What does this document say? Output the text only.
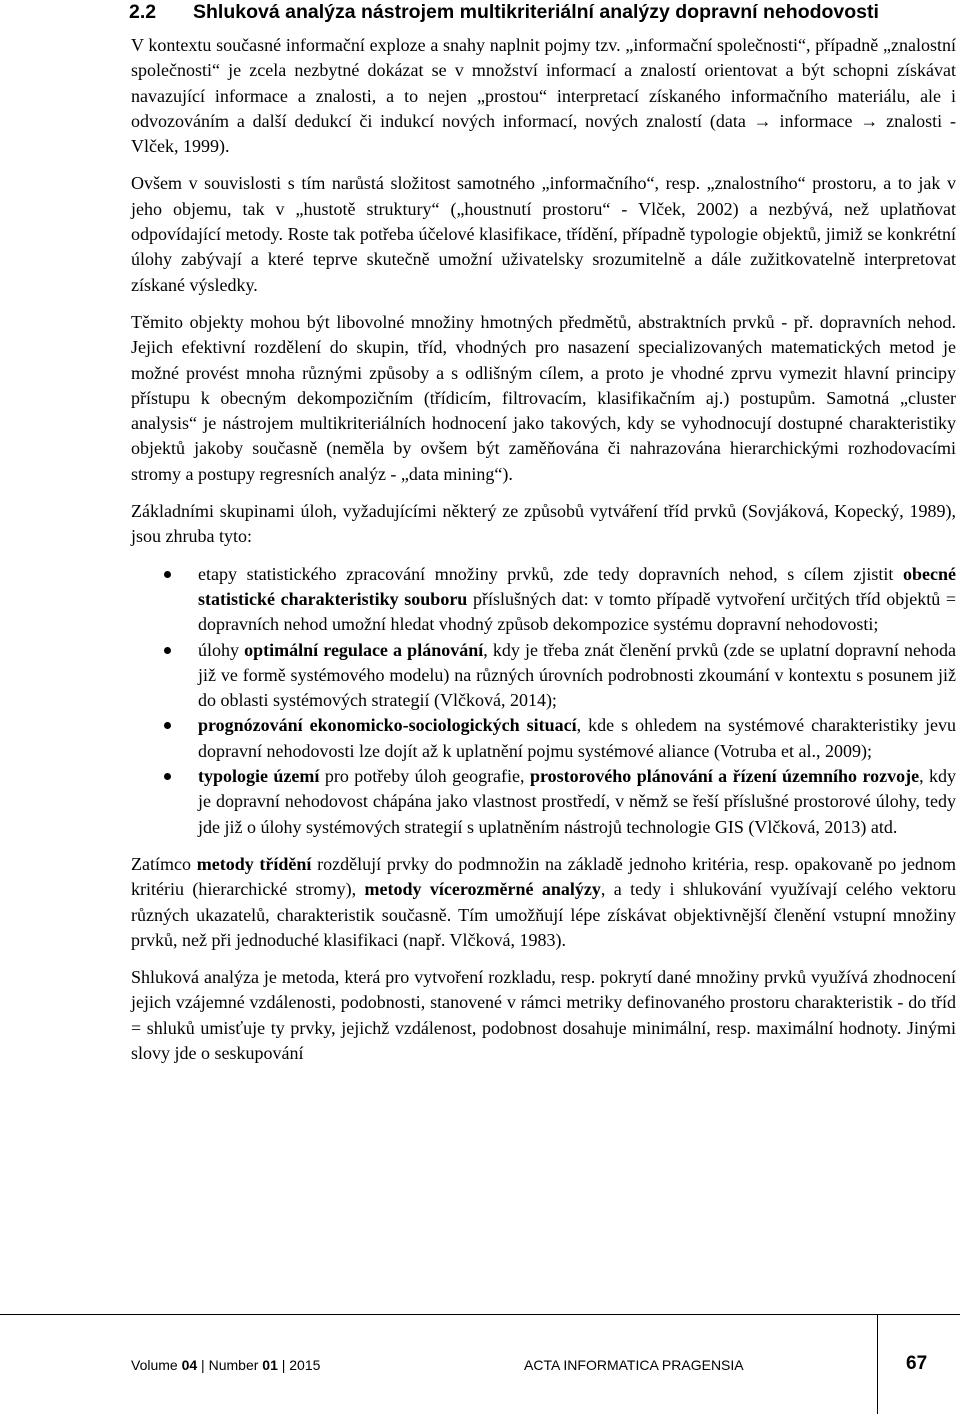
2.2 Shluková analýza nástrojem multikriteriální analýzy dopravní nehodovosti

V kontextu současné informační exploze a snahy naplnit pojmy tzv. „informační společnosti“, případně „znalostní společnosti“ je zcela nezbytné dokázat se v množství informací a znalostí orientovat a být schopni získávat navazující informace a znalosti, a to nejen „prostou“ interpretací získaného informačního materiálu, ale i odvozováním a další dedukcí či indukcí nových informací, nových znalostí (data → informace → znalosti - Vlček, 1999).

Ovšem v souvislosti s tím narůstá složitost samotného „informačního“, resp. „znalostního“ prostoru, a to jak v jeho objemu, tak v „hustotě struktury“ („houstnutí prostoru“ - Vlček, 2002) a nezbývá, než uplatňovat odpovídající metody. Roste tak potřeba účelové klasifikace, třídění, případně typologie objektů, jimiž se konkrétní úlohy zabývají a které teprve skutečně umožní uživatelsky srozumitelně a dále zužitkovatelně interpretovat získané výsledky.

Těmito objekty mohou být libovolné množiny hmotných předmětů, abstraktních prvků - př. dopravních nehod. Jejich efektivní rozdělení do skupin, tříd, vhodných pro nasazení specializovaných matematických metod je možné provést mnoha různými způsoby a s odlišným cílem, a proto je vhodné zprvu vymezit hlavní principy přístupu k obecným dekompozičním (třídicím, filtrovacím, klasifikačním aj.) postupům. Samotná „cluster analysis“ je nástrojem multikriteriálních hodnocení jako takových, kdy se vyhodnocují dostupné charakteristiky objektů jakoby současně (neměla by ovšem být zaměňována či nahrazována hierarchickými rozhodovacími stromy a postupy regresních analýz - „data mining“).

Základními skupinami úloh, vyžadujícími některý ze způsobů vytváření tříd prvků (Sovjáková, Kopecký, 1989), jsou zhruba tyto:

etapy statistického zpracování množiny prvků, zde tedy dopravních nehod, s cílem zjistit obecné statistické charakteristiky souboru příslušných dat: v tomto případě vytvoření určitých tříd objektů = dopravních nehod umožní hledat vhodný způsob dekompozice systému dopravní nehodovosti;
úlohy optimální regulace a plánování, kdy je třeba znát členění prvků (zde se uplatní dopravní nehoda již ve formě systémového modelu) na různých úrovních podrobnosti zkoumání v kontextu s posunem již do oblasti systémových strategií (Vlčková, 2014);
prognózování ekonomicko-sociologických situací, kde s ohledem na systémové charakteristiky jevu dopravní nehodovosti lze dojít až k uplatnění pojmu systémové aliance (Votruba et al., 2009);
typologie území pro potřeby úloh geografie, prostorového plánování a řízení územního rozvoje, kdy je dopravní nehodovost chápána jako vlastnost prostředí, v němž se řeší příslušné prostorové úlohy, tedy jde již o úlohy systémových strategií s uplatněním nástrojů technologie GIS (Vlčková, 2013) atd.

Zatímco metody třídění rozdělují prvky do podmnožin na základě jednoho kritéria, resp. opakovaně po jednom kritériu (hierarchické stromy), metody vícerozměrné analýzy, a tedy i shlukování využívají celého vektoru různých ukazatelů, charakteristik současně. Tím umožňují lépe získávat objektivnější členění vstupní množiny prvků, než při jednoduché klasifikaci (např. Vlčková, 1983).

Shluková analýza je metoda, která pro vytvoření rozkladu, resp. pokrytí dané množiny prvků využívá zhodnocení jejich vzájemné vzdálenosti, podobnosti, stanovené v rámci metriky definovaného prostoru charakteristik - do tříd = shluků umisťuje ty prvky, jejichž vzdálenost, podobnost dosahuje minimální, resp. maximální hodnoty. Jinými slovy jde o seskupování

Volume 04 | Number 01 | 2015	ACTA INFORMATICA PRAGENSIA	67
